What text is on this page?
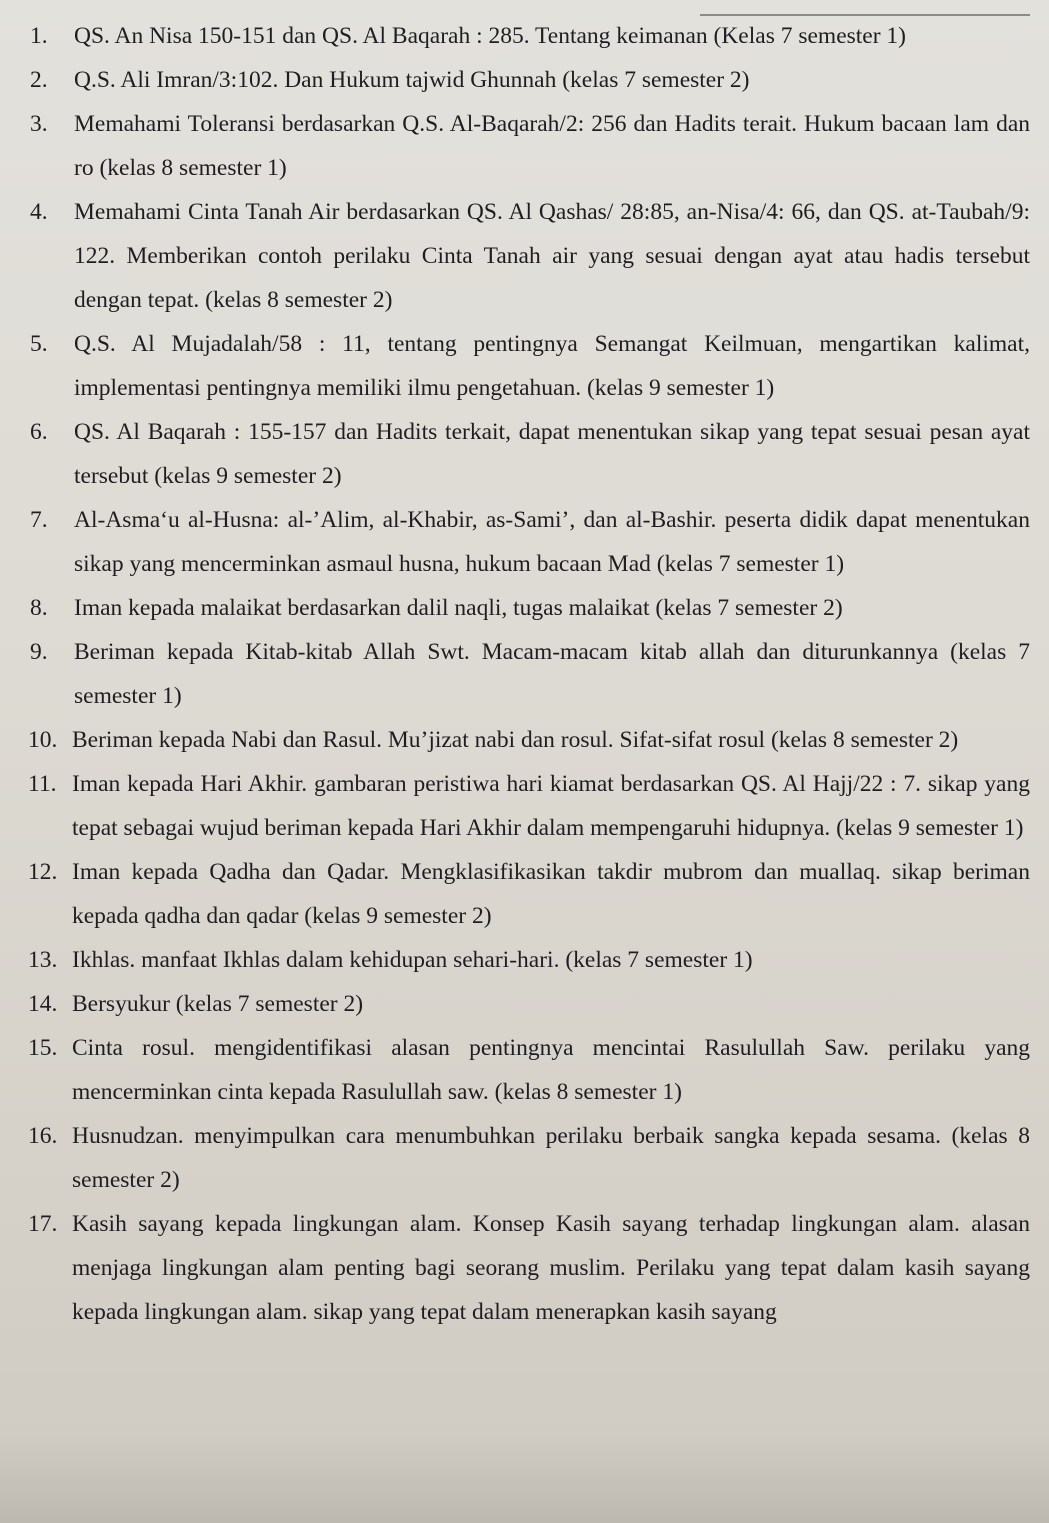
1.	QS. An Nisa 150-151 dan QS. Al Baqarah : 285. Tentang keimanan (Kelas 7 semester 1)
2.	Q.S. Ali Imran/3:102. Dan Hukum tajwid Ghunnah (kelas 7 semester 2)
3.	Memahami Toleransi berdasarkan Q.S. Al-Baqarah/2: 256 dan Hadits terait. Hukum bacaan lam dan ro (kelas 8 semester 1)
4.	Memahami Cinta Tanah Air berdasarkan QS. Al Qashas/ 28:85, an-Nisa/4: 66, dan QS. at-Taubah/9: 122. Memberikan contoh perilaku Cinta Tanah air yang sesuai dengan ayat atau hadis tersebut dengan tepat. (kelas 8 semester 2)
5.	Q.S. Al Mujadalah/58 : 11, tentang pentingnya Semangat Keilmuan, mengartikan kalimat, implementasi pentingnya memiliki ilmu pengetahuan. (kelas 9 semester 1)
6.	QS. Al Baqarah : 155-157 dan Hadits terkait, dapat menentukan sikap yang tepat sesuai pesan ayat tersebut (kelas 9 semester 2)
7.	Al-Asma‘u al-Husna: al-’Alim, al-Khabir, as-Sami’, dan al-Bashir. peserta didik dapat menentukan sikap yang mencerminkan asmaul husna, hukum bacaan Mad (kelas 7 semester 1)
8.	Iman kepada malaikat berdasarkan dalil naqli, tugas malaikat (kelas 7 semester 2)
9.	Beriman kepada Kitab-kitab Allah Swt. Macam-macam kitab allah dan diturunkannya (kelas 7 semester 1)
10. Beriman kepada Nabi dan Rasul. Mu’jizat nabi dan rosul. Sifat-sifat rosul (kelas 8 semester 2)
11. Iman kepada Hari Akhir. gambaran peristiwa hari kiamat berdasarkan QS. Al Hajj/22 : 7. sikap yang tepat sebagai wujud beriman kepada Hari Akhir dalam mempengaruhi hidupnya. (kelas 9 semester 1)
12. Iman kepada Qadha dan Qadar. Mengklasifikasikan takdir mubrom dan muallaq. sikap beriman kepada qadha dan qadar (kelas 9 semester 2)
13. Ikhlas. manfaat Ikhlas dalam kehidupan sehari-hari. (kelas 7 semester 1)
14. Bersyukur (kelas 7 semester 2)
15. Cinta rosul. mengidentifikasi alasan pentingnya mencintai Rasulullah Saw. perilaku yang mencerminkan cinta kepada Rasulullah saw. (kelas 8 semester 1)
16. Husnudzan. menyimpulkan cara menumbuhkan perilaku berbaik sangka kepada sesama. (kelas 8 semester 2)
17. Kasih sayang kepada lingkungan alam. Konsep Kasih sayang terhadap lingkungan alam. alasan menjaga lingkungan alam penting bagi seorang muslim. Perilaku yang tepat dalam kasih sayang kepada lingkungan alam. sikap yang tepat dalam menerapkan kasih sayang
